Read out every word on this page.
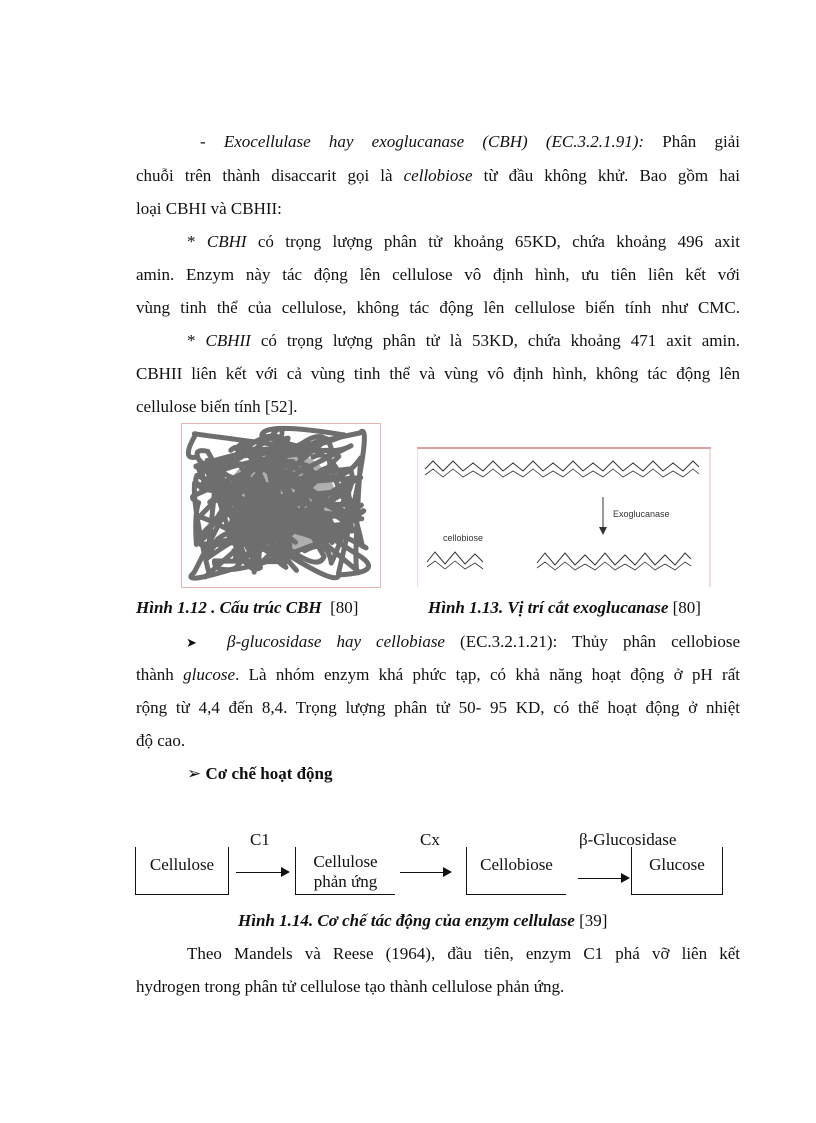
- Exocellulase hay exoglucanase (CBH) (EC.3.2.1.91): Phân giải
chuỗi trên thành disaccarit gọi là cellobiose từ đầu không khử. Bao gồm hai
loại CBHI và CBHII:
* CBHI có trọng lượng phân tử khoảng 65KD, chứa khoảng 496 axit
amin. Enzym này tác động lên cellulose vô định hình, ưu tiên liên kết với
vùng tinh thể của cellulose, không tác động lên cellulose biến tính như CMC.
* CBHII có trọng lượng phân tử là 53KD, chứa khoảng 471 axit amin.
CBHII liên kết với cả vùng tinh thể và vùng vô định hình, không tác động lên
cellulose biến tính [52].
Exoglucanase
cellobiose
Hình 1.12 . Cấu trúc CBH [80]	Hình 1.13. Vị trí cắt exoglucanase [80]
➤ β-glucosidase hay cellobiase (EC.3.2.1.21): Thủy phân cellobiose
thành glucose. Là nhóm enzym khá phức tạp, có khả năng hoạt động ở pH rất
rộng từ 4,4 đến 8,4. Trọng lượng phân tử 50- 95 KD, có thể hoạt động ở nhiệt
độ cao.
➢ Cơ chế hoạt động
C1	Cx	β-Glucosidase
Cellulose	Cellulose
phản ứng
Cellobiose	Glucose
Hình 1.14. Cơ chế tác động của enzym cellulase [39]
Theo Mandels và Reese (1964), đầu tiên, enzym C1 phá vỡ liên kết
hydrogen trong phân tử cellulose tạo thành cellulose phản ứng.
